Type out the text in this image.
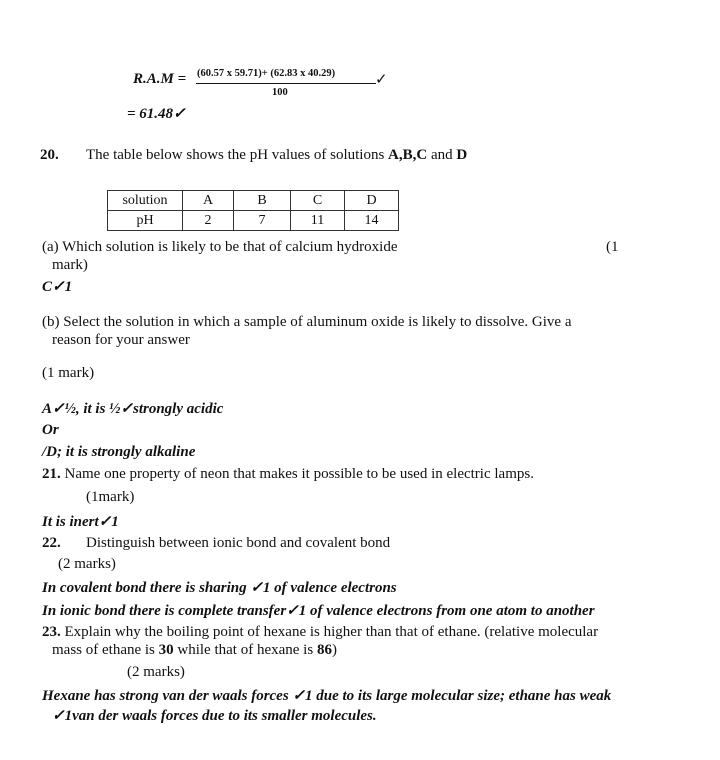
R.A.M = (60.57 x 59.71)+ (62.83 x 40.29)	✓
100
= 61.48✓
20. The table below shows the pH values of solutions A,B,C and D
solution	A	B	C	D
pH	2	7	11	14
(a) Which solution is likely to be that of calcium hydroxide	(1
mark)
C✓1
(b) Select the solution in which a sample of aluminum oxide is likely to dissolve. Give a
reason for your answer
(1 mark)
A✓½, it is ½✓strongly acidic
Or
/D; it is strongly alkaline
21. Name one property of neon that makes it possible to be used in electric lamps.
(1mark)
It is inert✓1
22. Distinguish between ionic bond and covalent bond
(2 marks)
In covalent bond there is sharing ✓1 of valence electrons
In ionic bond there is complete transfer✓1 of valence electrons from one atom to another
23. Explain why the boiling point of hexane is higher than that of ethane. (relative molecular
mass of ethane is 30 while that of hexane is 86)
(2 marks)
Hexane has strong van der waals forces ✓1 due to its large molecular size; ethane has weak
✓1van der waals forces due to its smaller molecules.
